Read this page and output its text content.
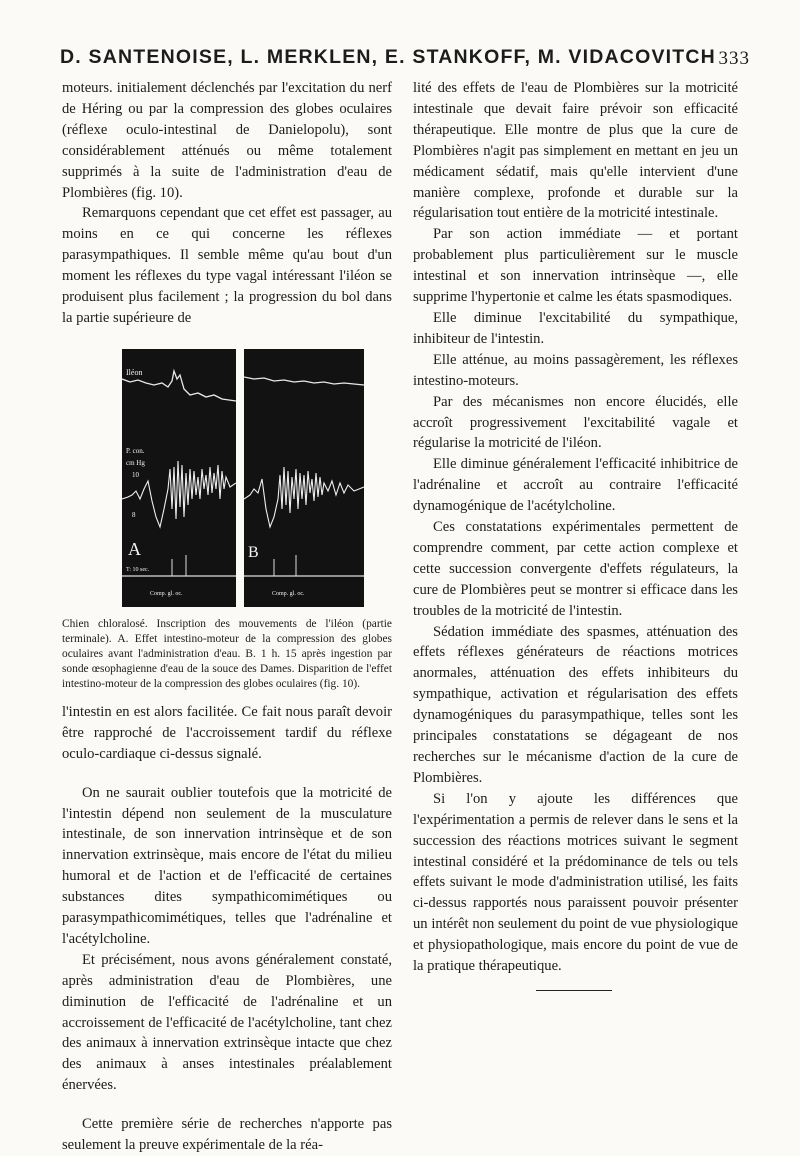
D. SANTENOISE, L. MERKLEN, E. STANKOFF, M. VIDACOVITCH 333

moteurs. initialement déclenchés par l'excitation du nerf de Héring ou par la compression des globes oculaires (réflexe oculo-intestinal de Danielopolu), sont considérablement atténués ou même totalement supprimés à la suite de l'administration d'eau de Plombières (fig. 10).

Remarquons cependant que cet effet est passager, au moins en ce qui concerne les réflexes parasympathiques. Il semble même qu'au bout d'un moment les réflexes du type vagal intéressant l'iléon se produisent plus facilement ; la progression du bol dans la partie supérieure de

Iléon
P. con.
cm Hg
10
8
A
T: 10 sec.
Comp. gl. oc.
B
Comp. gl. oc.

Chien chloralosé. Inscription des mouvements de l'iléon (partie terminale). A. Effet intestino-moteur de la compression des globes oculaires avant l'administration d'eau. B. 1 h. 15 après ingestion par sonde œsophagienne d'eau de la souce des Dames. Disparition de l'effet intestino-moteur de la compression des globes oculaires (fig. 10).

l'intestin en est alors facilitée. Ce fait nous paraît devoir être rapproché de l'accroissement tardif du réflexe oculo-cardiaque ci-dessus signalé.

On ne saurait oublier toutefois que la motricité de l'intestin dépend non seulement de la musculature intestinale, de son innervation intrinsèque et de son innervation extrinsèque, mais encore de l'état du milieu humoral et de l'action et de l'efficacité de certaines substances dites sympathicomimétiques ou parasympathicomimétiques, telles que l'adrénaline et l'acétylcholine.

Et précisément, nous avons généralement constaté, après administration d'eau de Plombières, une diminution de l'efficacité de l'adrénaline et un accroissement de l'efficacité de l'acétylcholine, tant chez des animaux à innervation extrinsèque intacte que chez des animaux à anses intestinales préalablement énervées.

Cette première série de recherches n'apporte pas seulement la preuve expérimentale de la réa-

lité des effets de l'eau de Plombières sur la motricité intestinale que devait faire prévoir son efficacité thérapeutique. Elle montre de plus que la cure de Plombières n'agit pas simplement en mettant en jeu un médicament sédatif, mais qu'elle intervient d'une manière complexe, profonde et durable sur la régularisation tout entière de la motricité intestinale.

Par son action immédiate — et portant probablement plus particulièrement sur le muscle intestinal et son innervation intrinsèque —, elle supprime l'hypertonie et calme les états spasmodiques.

Elle diminue l'excitabilité du sympathique, inhibiteur de l'intestin.

Elle atténue, au moins passagèrement, les réflexes intestino-moteurs.

Par des mécanismes non encore élucidés, elle accroît progressivement l'excitabilité vagale et régularise la motricité de l'iléon.

Elle diminue généralement l'efficacité inhibitrice de l'adrénaline et accroît au contraire l'efficacité dynamogénique de l'acétylcholine.

Ces constatations expérimentales permettent de comprendre comment, par cette action complexe et cette succession convergente d'effets régulateurs, la cure de Plombières peut se montrer si efficace dans les troubles de la motricité de l'intestin.

Sédation immédiate des spasmes, atténuation des effets réflexes générateurs de réactions motrices anormales, atténuation des effets inhibiteurs du sympathique, activation et régularisation des effets dynamogéniques du parasympathique, telles sont les principales constatations se dégageant de nos recherches sur le mécanisme d'action de la cure de Plombières.

Si l'on y ajoute les différences que l'expérimentation a permis de relever dans le sens et la succession des réactions motrices suivant le segment intestinal considéré et la prédominance de tels ou tels effets suivant le mode d'administration utilisé, les faits ci-dessus rapportés nous paraissent pouvoir présenter un intérêt non seulement du point de vue physiologique et physiopathologique, mais encore du point de vue de la pratique thérapeutique.
